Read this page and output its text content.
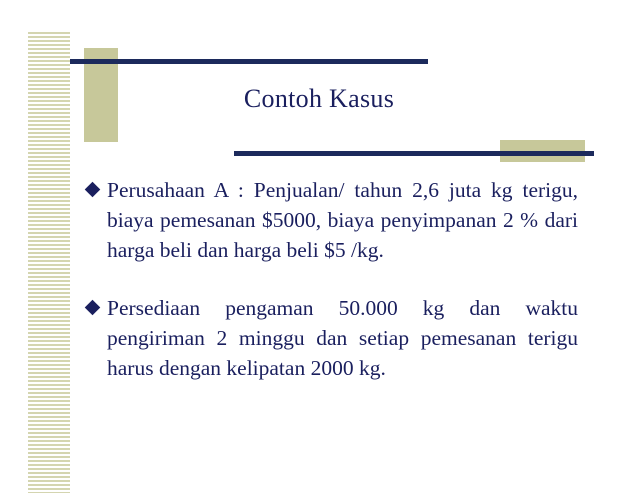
Contoh Kasus
Perusahaan A : Penjualan/ tahun 2,6 juta kg terigu, biaya pemesanan $5000, biaya penyimpanan 2 % dari harga beli dan harga beli $5 /kg.
Persediaan pengaman 50.000 kg dan waktu pengiriman 2 minggu dan setiap pemesanan terigu harus dengan kelipatan 2000 kg.
